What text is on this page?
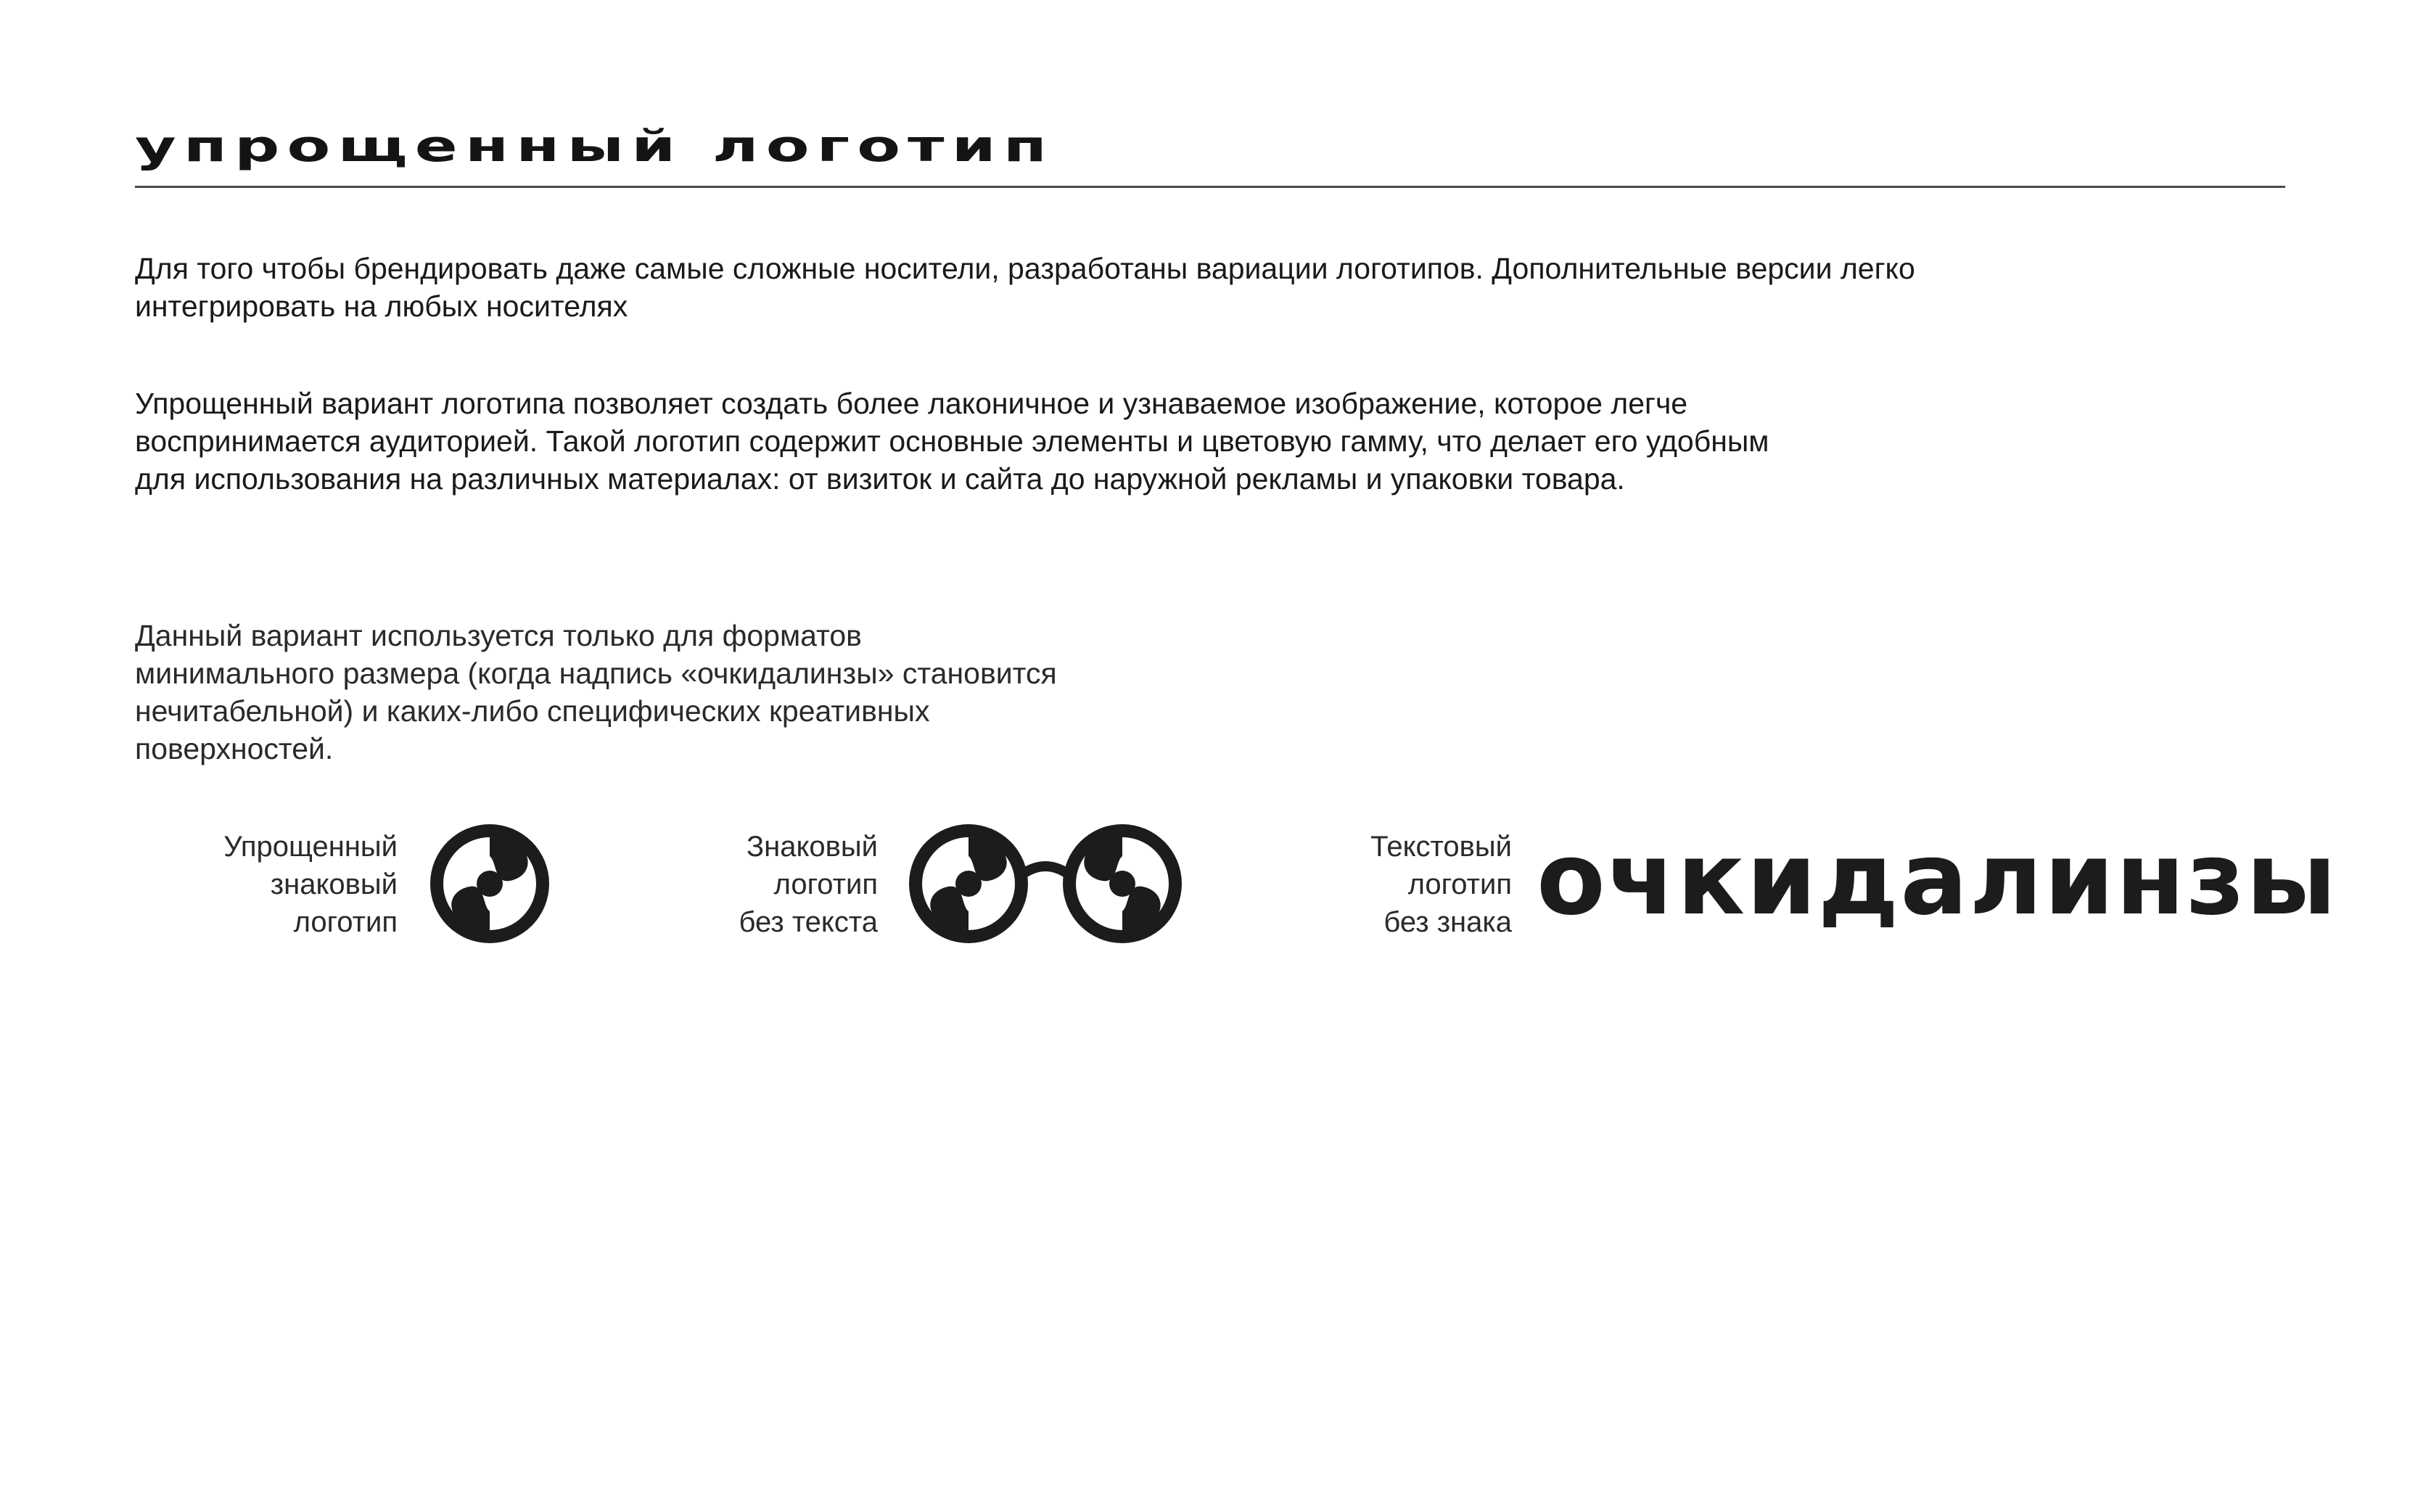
упрощенный логотип

Для того чтобы брендировать даже самые сложные носители, разработаны вариации логотипов. Дополнительные версии легко
интегрировать на любых носителях

Упрощенный вариант логотипа позволяет создать более лаконичное и узнаваемое изображение, которое легче
воспринимается аудиторией. Такой логотип содержит основные элементы и цветовую гамму, что делает его удобным
для использования на различных материалах: от визиток и сайта до наружной рекламы и упаковки товара.

Данный вариант используется только для форматов
минимального размера (когда надпись «очкидалинзы» становится
нечитабельной) и каких-либо специфических креативных
поверхностей.

Упрощенный
знаковый
логотип

Знаковый
логотип
без текста

Текстовый
логотип
без знака очкидалинзы
